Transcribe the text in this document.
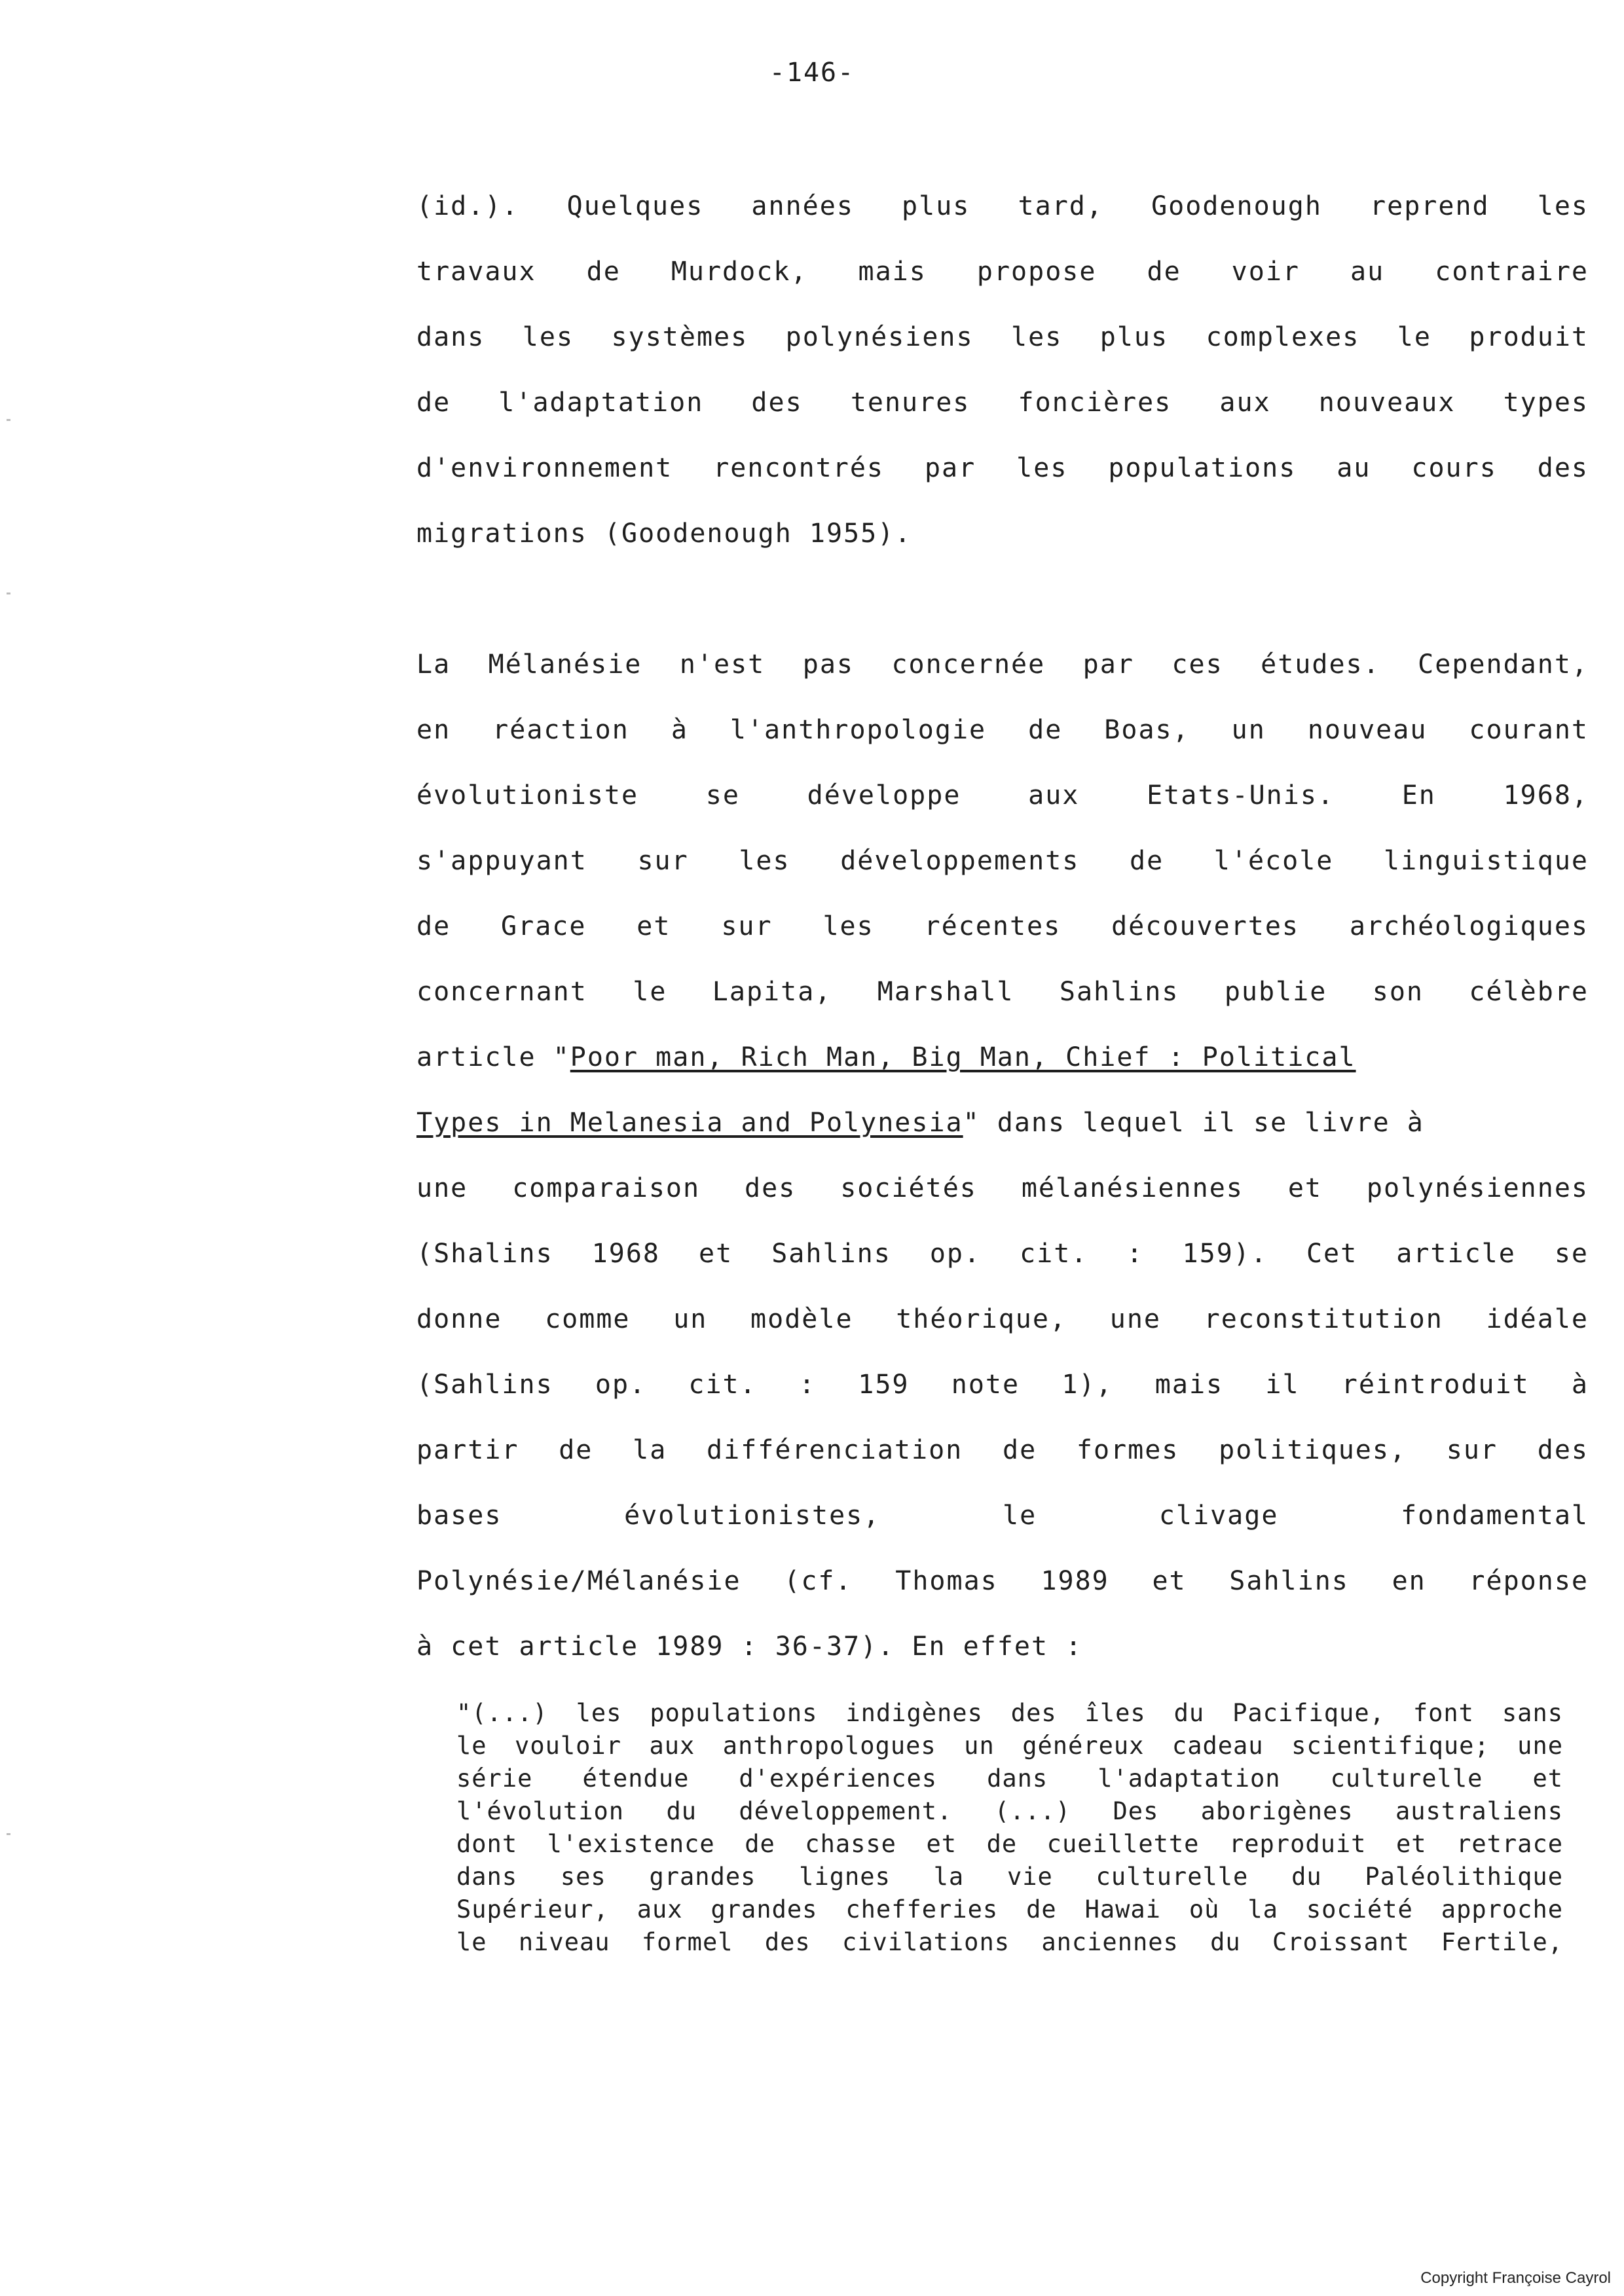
-146-
(id.). Quelques années plus tard, Goodenough reprend les
travaux de Murdock, mais propose de voir au contraire
dans les systèmes polynésiens les plus complexes le produit
de l'adaptation des tenures foncières aux nouveaux types
d'environnement rencontrés par les populations au cours des
migrations (Goodenough 1955).
La Mélanésie n'est pas concernée par ces études. Cependant,
en réaction à l'anthropologie de Boas, un nouveau courant
évolutioniste se développe aux Etats-Unis. En 1968,
s'appuyant sur les développements de l'école linguistique
de Grace et sur les récentes découvertes archéologiques
concernant le Lapita, Marshall Sahlins publie son célèbre
article "Poor man, Rich Man, Big Man, Chief : Political
Types in Melanesia and Polynesia" dans lequel il se livre à
une comparaison des sociétés mélanésiennes et polynésiennes
(Shalins 1968 et Sahlins op. cit. : 159). Cet article se
donne comme un modèle théorique, une reconstitution idéale
(Sahlins op. cit. : 159 note 1), mais il réintroduit à
partir de la différenciation de formes politiques, sur des
bases évolutionistes, le clivage fondamental
Polynésie/Mélanésie (cf. Thomas 1989 et Sahlins en réponse
à cet article 1989 : 36-37). En effet :
"(...) les populations indigènes des îles du Pacifique, font sans
le vouloir aux anthropologues un généreux cadeau scientifique; une
série étendue d'expériences dans l'adaptation culturelle et
l'évolution du développement. (...) Des aborigènes australiens
dont l'existence de chasse et de cueillette reproduit et retrace
dans ses grandes lignes la vie culturelle du Paléolithique
Supérieur, aux grandes chefferies de Hawai où la société approche
le niveau formel des civilations anciennes du Croissant Fertile,
Copyright Françoise Cayrol
